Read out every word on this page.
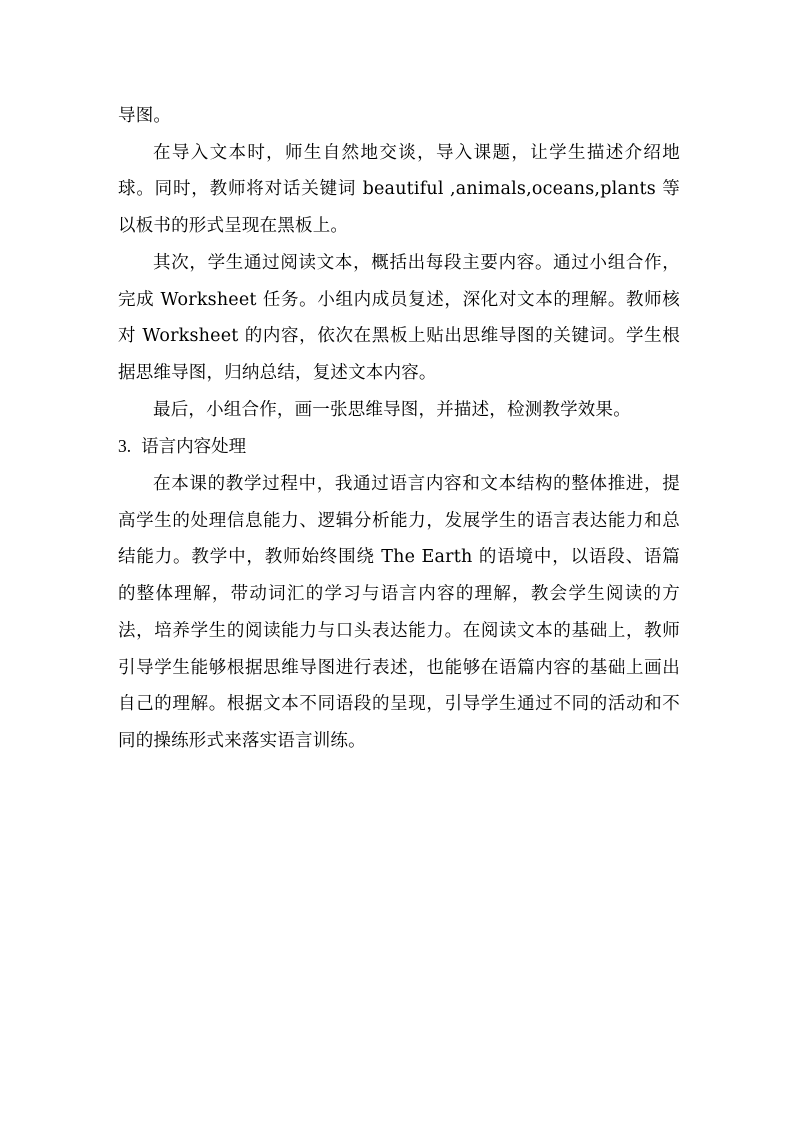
导图。

在导入文本时，师生自然地交谈，导入课题，让学生描述介绍地球。同时，教师将对话关键词 beautiful ,animals,oceans,plants 等以板书的形式呈现在黑板上。

其次，学生通过阅读文本，概括出每段主要内容。通过小组合作，完成 Worksheet 任务。小组内成员复述，深化对文本的理解。教师核对 Worksheet 的内容，依次在黑板上贴出思维导图的关键词。学生根据思维导图，归纳总结，复述文本内容。

最后，小组合作，画一张思维导图，并描述，检测教学效果。

3. 语言内容处理

在本课的教学过程中，我通过语言内容和文本结构的整体推进，提高学生的处理信息能力、逻辑分析能力，发展学生的语言表达能力和总结能力。教学中，教师始终围绕 The Earth 的语境中，以语段、语篇的整体理解，带动词汇的学习与语言内容的理解，教会学生阅读的方法，培养学生的阅读能力与口头表达能力。在阅读文本的基础上，教师引导学生能够根据思维导图进行表述，也能够在语篇内容的基础上画出自己的理解。根据文本不同语段的呈现，引导学生通过不同的活动和不同的操练形式来落实语言训练。
